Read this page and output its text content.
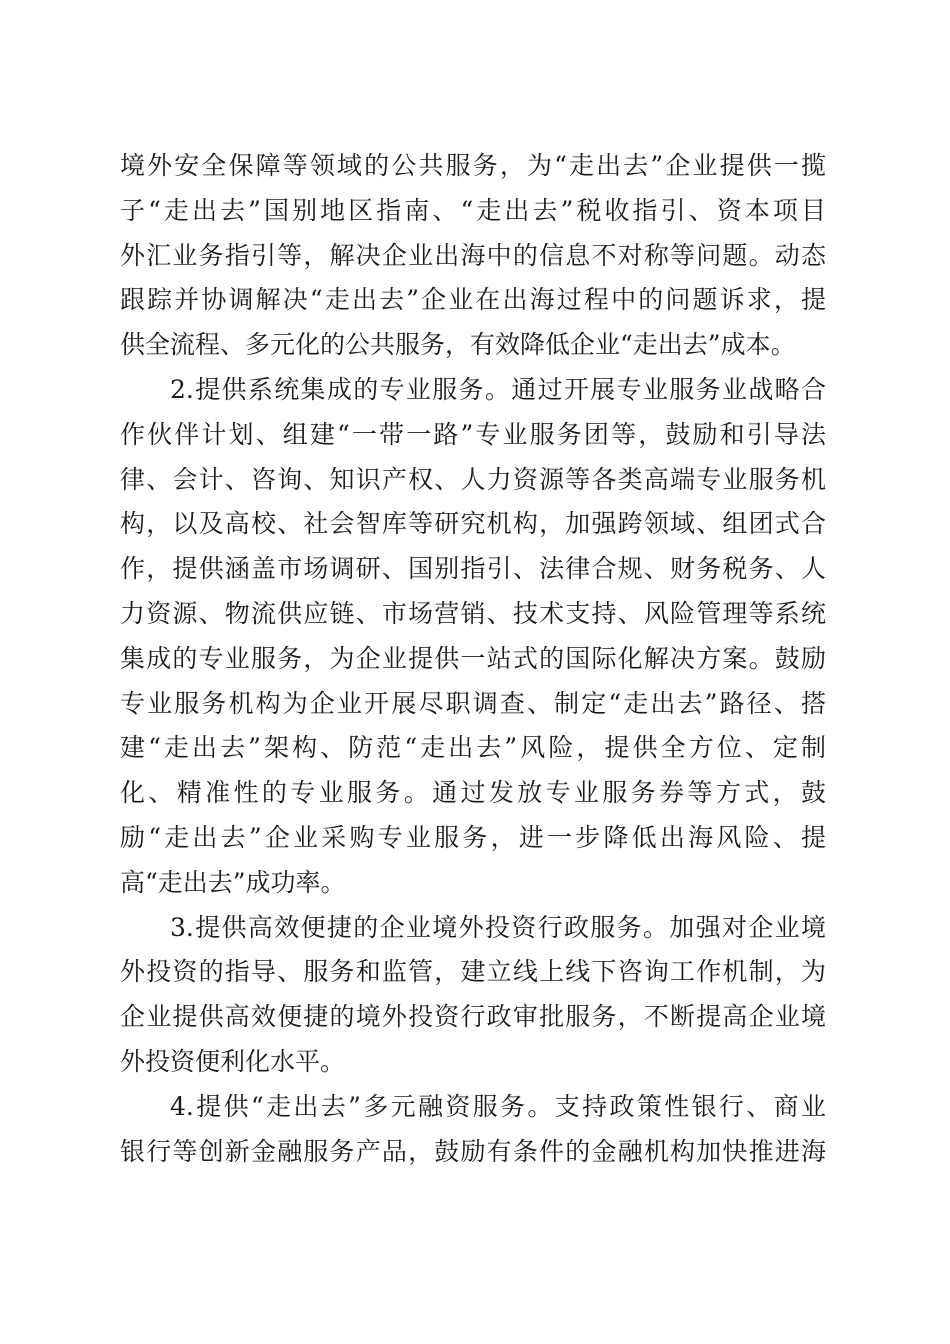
境外安全保障等领域的公共服务，为“走出去”企业提供一揽
子“走出去”国别地区指南、“走出去”税收指引、资本项目
外汇业务指引等，解决企业出海中的信息不对称等问题。动态
跟踪并协调解决“走出去”企业在出海过程中的问题诉求，提
供全流程、多元化的公共服务，有效降低企业“走出去”成本。
2.提供系统集成的专业服务。通过开展专业服务业战略合
作伙伴计划、组建“一带一路”专业服务团等，鼓励和引导法
律、会计、咨询、知识产权、人力资源等各类高端专业服务机
构，以及高校、社会智库等研究机构，加强跨领域、组团式合
作，提供涵盖市场调研、国别指引、法律合规、财务税务、人
力资源、物流供应链、市场营销、技术支持、风险管理等系统
集成的专业服务，为企业提供一站式的国际化解决方案。鼓励
专业服务机构为企业开展尽职调查、制定“走出去”路径、搭
建“走出去”架构、防范“走出去”风险，提供全方位、定制
化、精准性的专业服务。通过发放专业服务券等方式，鼓
励“走出去”企业采购专业服务，进一步降低出海风险、提
高“走出去”成功率。
3.提供高效便捷的企业境外投资行政服务。加强对企业境
外投资的指导、服务和监管，建立线上线下咨询工作机制，为
企业提供高效便捷的境外投资行政审批服务，不断提高企业境
外投资便利化水平。
4.提供“走出去”多元融资服务。支持政策性银行、商业
银行等创新金融服务产品，鼓励有条件的金融机构加快推进海
